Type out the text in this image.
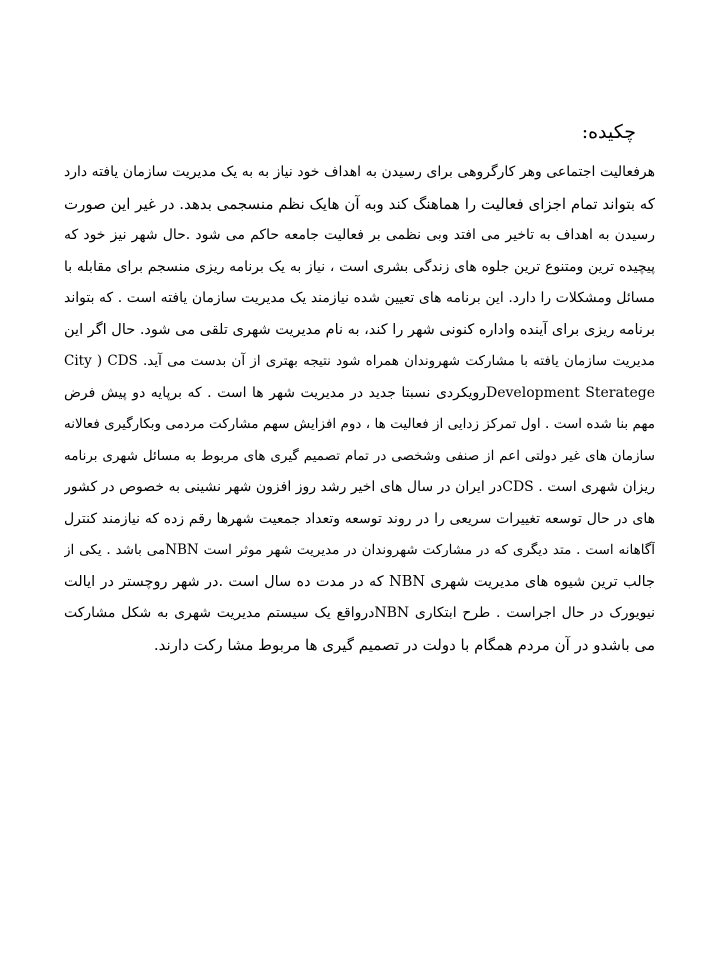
چکیده:
هرفعالیت اجتماعی وهر کارگروهی برای رسیدن به اهداف خود نیاز به به یک مدیریت سازمان یافته دارد
که بتواند تمام اجزای فعالیت را هماهنگ کند وبه آن هایک نظم منسجمی بدهد. در غیر این صورت
رسیدن به اهداف به تاخیر می افتد وبی نظمی بر فعالیت جامعه حاکم می شود .حال شهر نیز خود که
پیچیده ترین ومتنوع ترین جلوه های زندگی بشری است ، نیاز به یک برنامه ریزی منسجم برای مقابله با
مسائل ومشکلات را دارد. این برنامه های تعیین شده نیازمند یک مدیریت سازمان یافته است . که بتواند
برنامه ریزی برای آینده واداره کنونی شهر را کند، به نام مدیریت شهری تلقی می شود. حال اگر این
مدیریت سازمان یافته با مشارکت شهروندان همراه شود نتیجه بهتری از آن بدست می آید. City ) CDS
Development Sterategeرویکردی نسبتا جدید در مدیریت شهر ها است . که برپایه دو پیش فرض
مهم بنا شده است . اول تمرکز زدایی از فعالیت ها ، دوم افزایش سهم مشارکت مردمی وبکارگیری فعالانه
سازمان های غیر دولتی اعم از صنفی وشخصی در تمام تصمیم گیری های مربوط به مسائل شهری برنامه
ریزان شهری است . CDSدر ایران در سال های اخیر رشد روز افزون شهر نشینی به خصوص در کشور
های در حال توسعه تغییرات سریعی را در روند توسعه وتعداد جمعیت شهرها رقم زده که نیازمند کنترل
آگاهانه است . متد دیگری که در مشارکت شهروندان در مدیریت شهر موثر است NBNمی باشد . یکی از
جالب ترین شیوه های مدیریت شهری NBN که در مدت ده سال است .در شهر روچستر در ایالت
نیویورک در حال اجراست . طرح ابتکاری NBNدرواقع یک سیستم مدیریت شهری به شکل مشارکت
می باشدو در آن مردم همگام با دولت در تصمیم گیری ها مربوط مشا رکت دارند.
